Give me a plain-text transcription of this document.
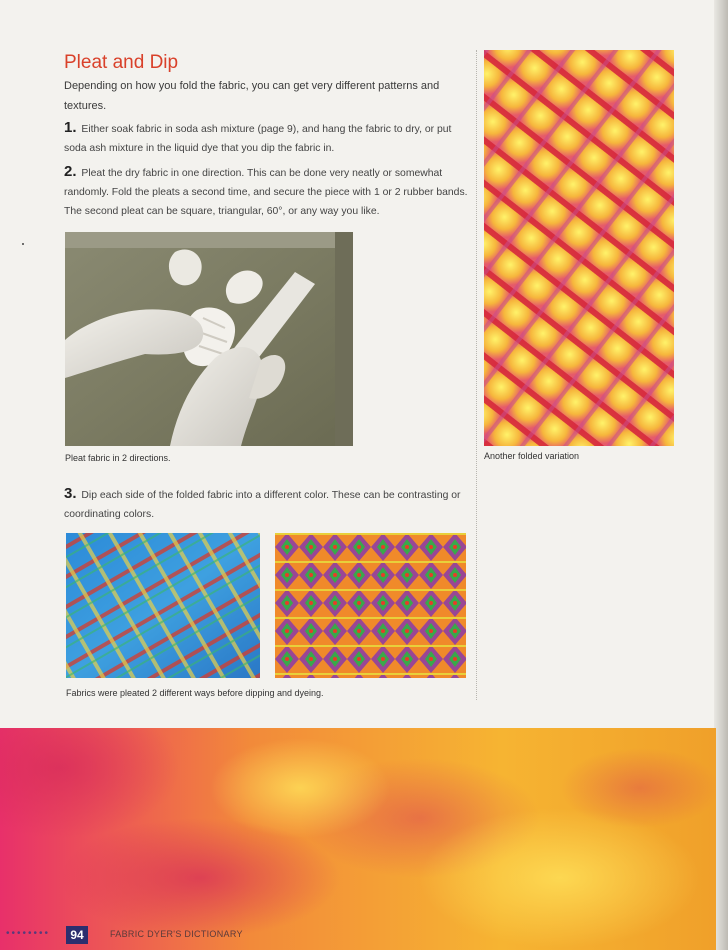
Pleat and Dip

Depending on how you fold the fabric, you can get very different patterns and textures.

1. Either soak fabric in soda ash mixture (page 9), and hang the fabric to dry, or put soda ash mixture in the liquid dye that you dip the fabric in.

2. Pleat the dry fabric in one direction. This can be done very neatly or somewhat randomly. Fold the pleats a second time, and secure the piece with 1 or 2 rubber bands. The second pleat can be square, triangular, 60°, or any way you like.

Pleat fabric in 2 directions.	Another folded variation

3. Dip each side of the folded fabric into a different color. These can be contrasting or coordinating colors.

Fabrics were pleated 2 different ways before dipping and dyeing.

••••••••	94	FABRIC DYER'S DICTIONARY
